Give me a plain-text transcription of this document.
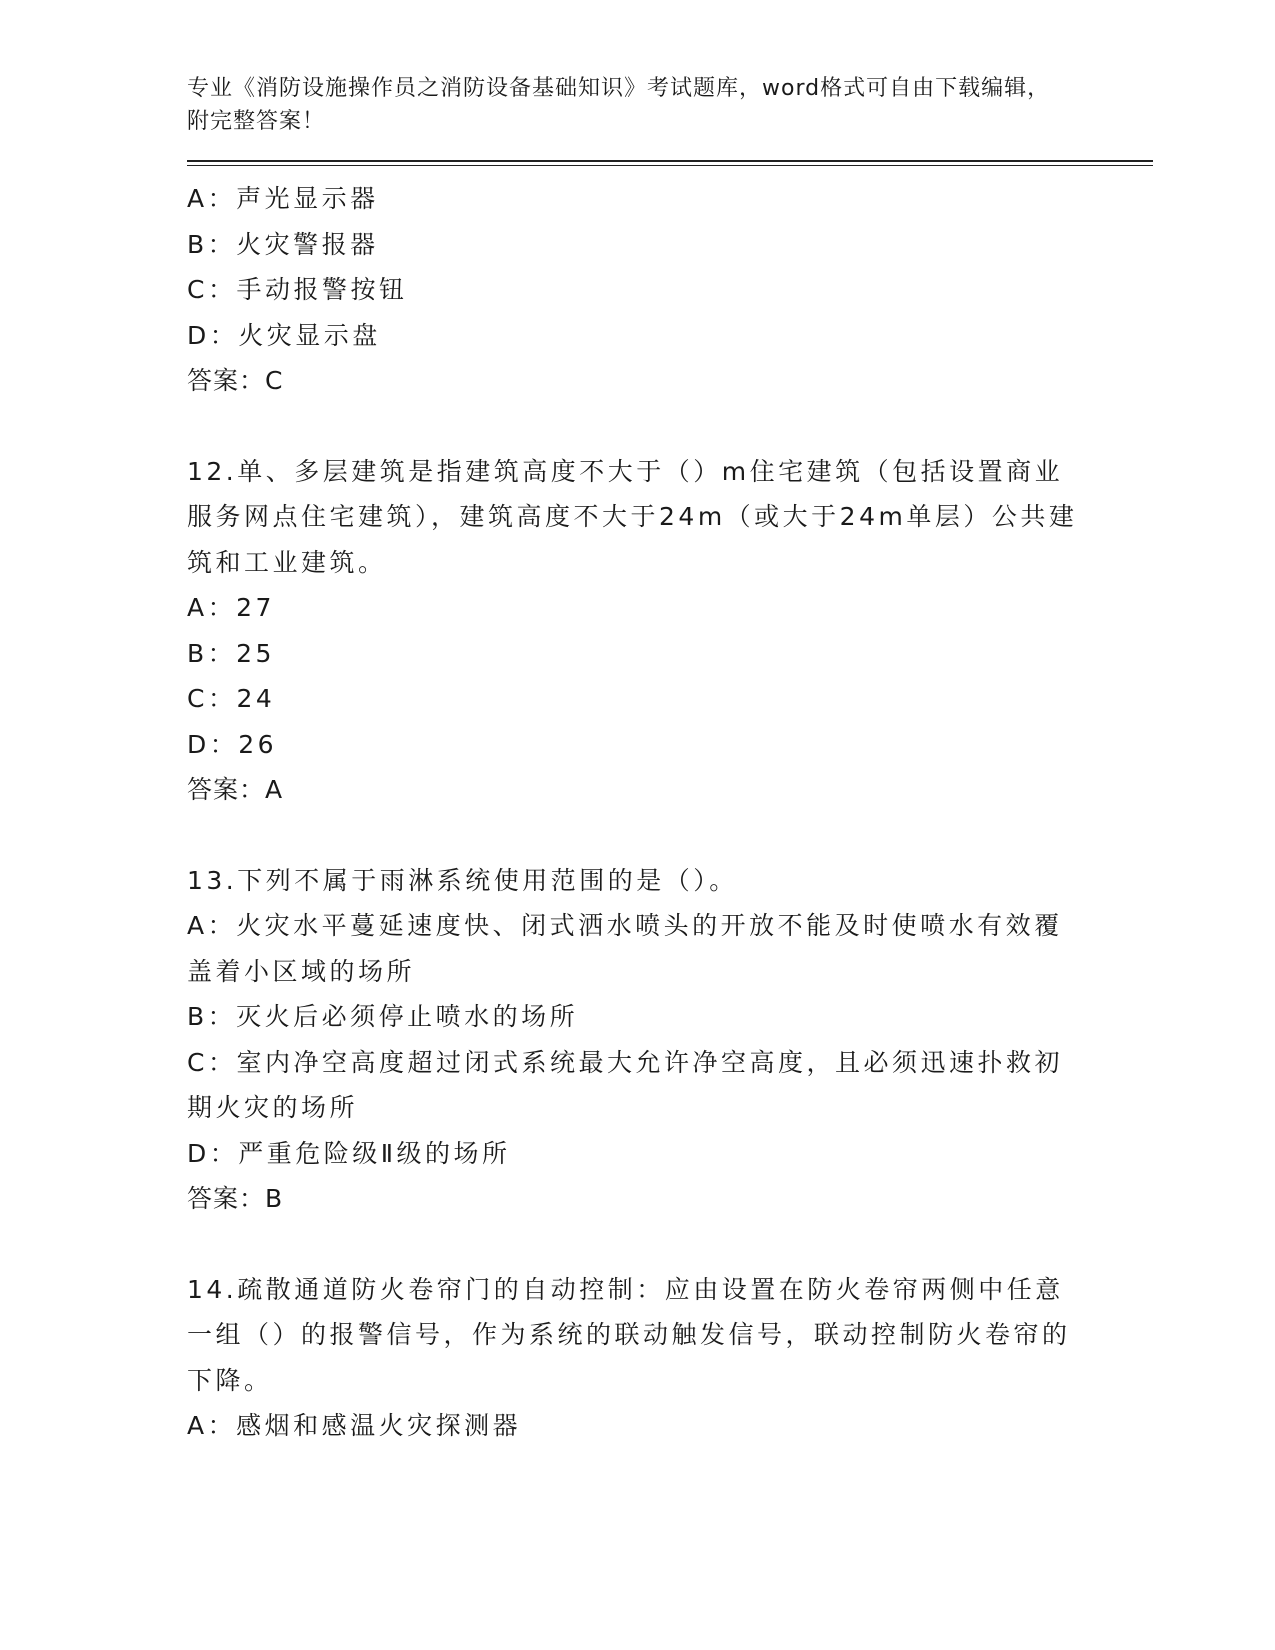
专业《消防设施操作员之消防设备基础知识》考试题库，word格式可自由下载编辑，附完整答案！

A：声光显示器

B：火灾警报器

C：手动报警按钮

D：火灾显示盘

答案：C

12.单、多层建筑是指建筑高度不大于（）m住宅建筑（包括设置商业服务网点住宅建筑），建筑高度不大于24m（或大于24m单层）公共建筑和工业建筑。

A：27

B：25

C：24

D：26

答案：A

13.下列不属于雨淋系统使用范围的是（）。

A：火灾水平蔓延速度快、闭式洒水喷头的开放不能及时使喷水有效覆盖着小区域的场所

B：灭火后必须停止喷水的场所

C：室内净空高度超过闭式系统最大允许净空高度，且必须迅速扑救初期火灾的场所

D：严重危险级Ⅱ级的场所

答案：B

14.疏散通道防火卷帘门的自动控制：应由设置在防火卷帘两侧中任意一组（）的报警信号，作为系统的联动触发信号，联动控制防火卷帘的下降。

A：感烟和感温火灾探测器
